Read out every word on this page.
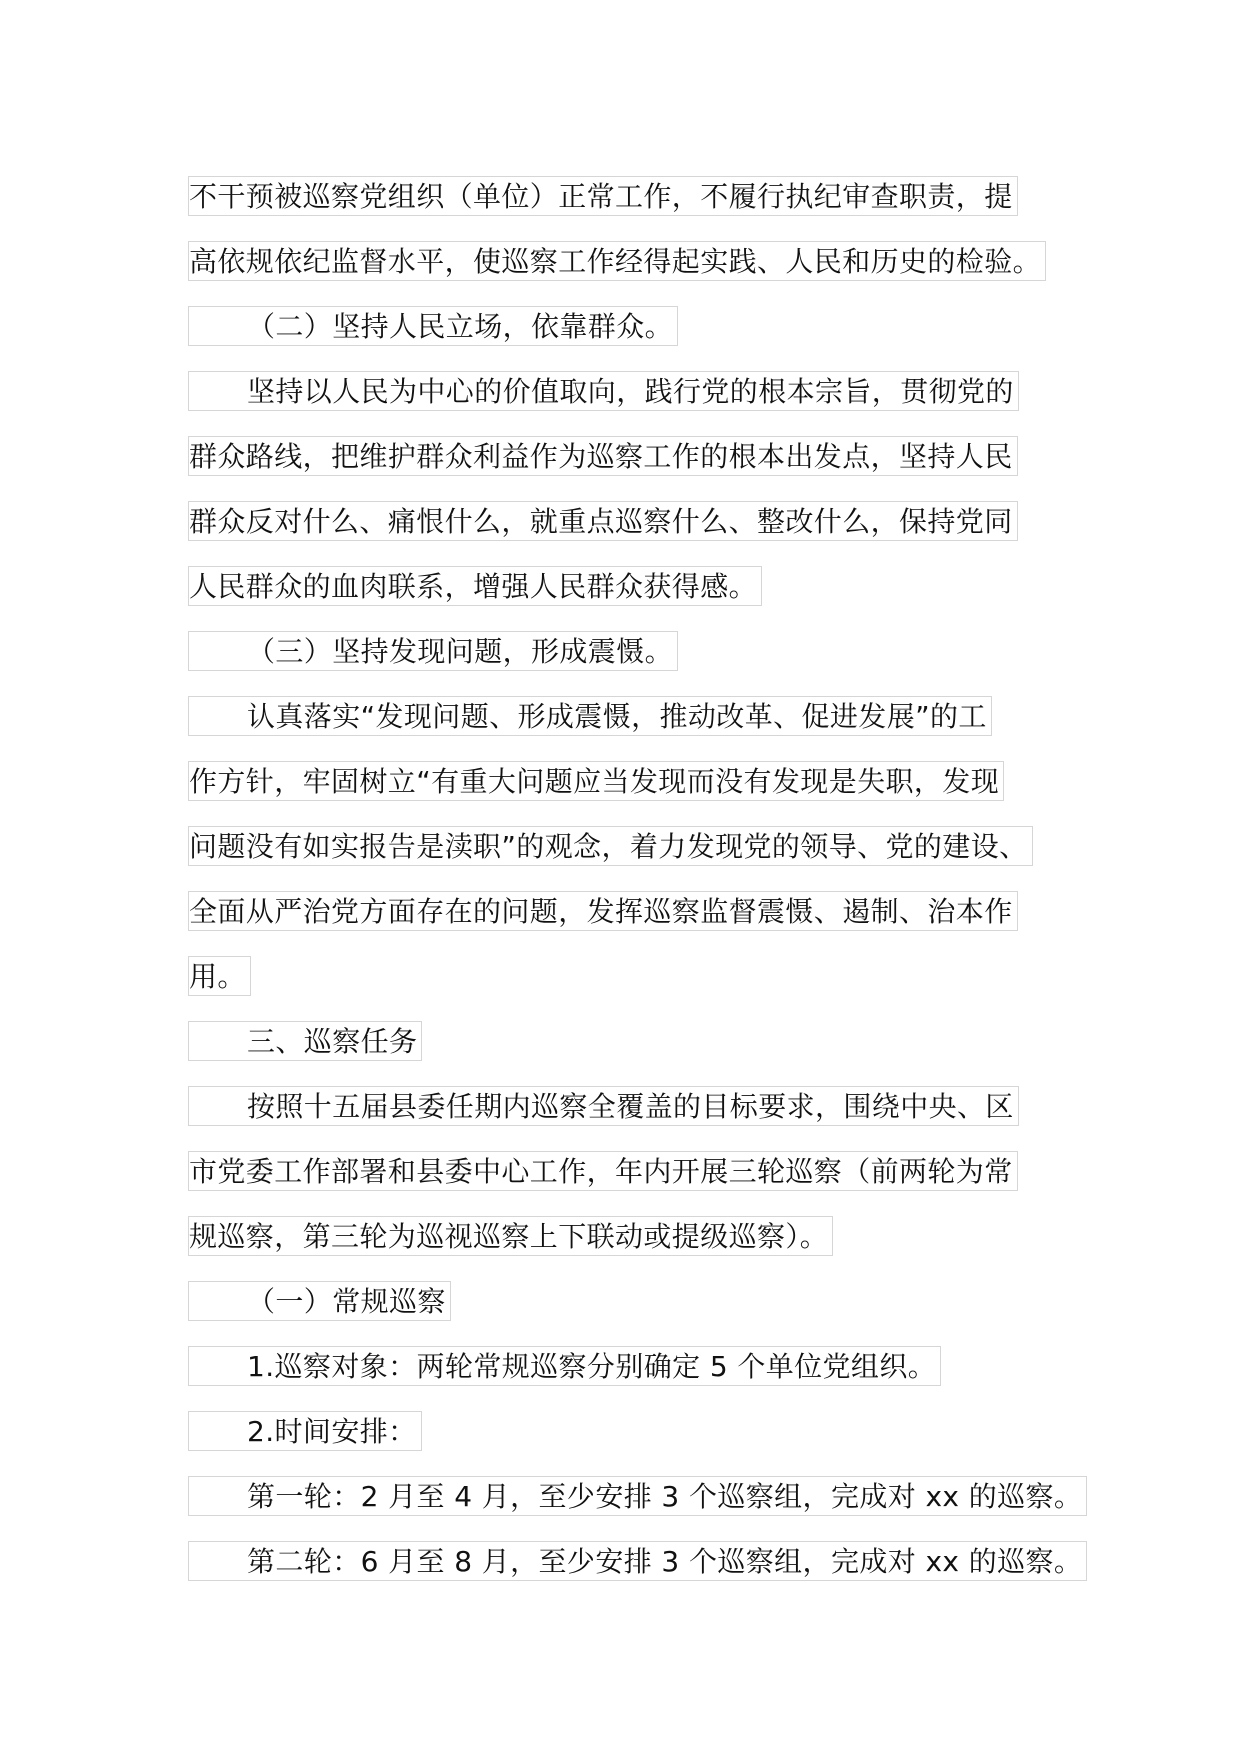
不干预被巡察党组织（单位）正常工作，不履行执纪审查职责，提

高依规依纪监督水平，使巡察工作经得起实践、人民和历史的检验。

（二）坚持人民立场，依靠群众。

坚持以人民为中心的价值取向，践行党的根本宗旨，贯彻党的

群众路线，把维护群众利益作为巡察工作的根本出发点，坚持人民

群众反对什么、痛恨什么，就重点巡察什么、整改什么，保持党同

人民群众的血肉联系，增强人民群众获得感。

（三）坚持发现问题，形成震慑。

认真落实“发现问题、形成震慑，推动改革、促进发展”的工

作方针，牢固树立“有重大问题应当发现而没有发现是失职，发现

问题没有如实报告是渎职”的观念，着力发现党的领导、党的建设、

全面从严治党方面存在的问题，发挥巡察监督震慑、遏制、治本作

用。

三、巡察任务

按照十五届县委任期内巡察全覆盖的目标要求，围绕中央、区

市党委工作部署和县委中心工作，年内开展三轮巡察（前两轮为常

规巡察，第三轮为巡视巡察上下联动或提级巡察）。

（一）常规巡察

1.巡察对象：两轮常规巡察分别确定 5 个单位党组织。

2.时间安排：

第一轮：2 月至 4 月，至少安排 3 个巡察组，完成对 xx 的巡察。

第二轮：6 月至 8 月，至少安排 3 个巡察组，完成对 xx 的巡察。
